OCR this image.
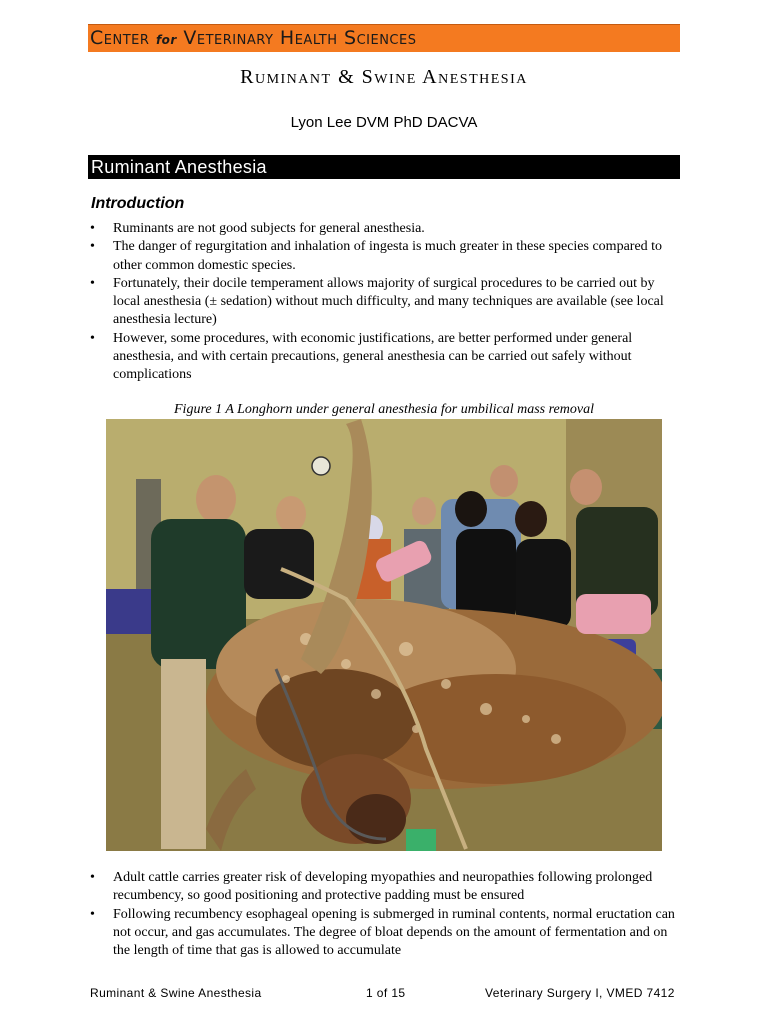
Center for Veterinary Health Sciences
Ruminant & Swine Anesthesia
Lyon Lee DVM PhD DACVA
Ruminant Anesthesia
Introduction
• Ruminants are not good subjects for general anesthesia.
• The danger of regurgitation and inhalation of ingesta is much greater in these species compared to other common domestic species.
• Fortunately, their docile temperament allows majority of surgical procedures to be carried out by local anesthesia (± sedation) without much difficulty, and many techniques are available (see local anesthesia lecture)
• However, some procedures, with economic justifications, are better performed under general anesthesia, and with certain precautions, general anesthesia can be carried out safely without complications
Figure 1 A Longhorn under general anesthesia for umbilical mass removal
• Adult cattle carries greater risk of developing myopathies and neuropathies following prolonged recumbency, so good positioning and protective padding must be ensured
• Following recumbency esophageal opening is submerged in ruminal contents, normal eructation can not occur, and gas accumulates. The degree of bloat depends on the amount of fermentation and on the length of time that gas is allowed to accumulate
Ruminant & Swine Anesthesia	1 of 15	Veterinary Surgery I, VMED 7412
